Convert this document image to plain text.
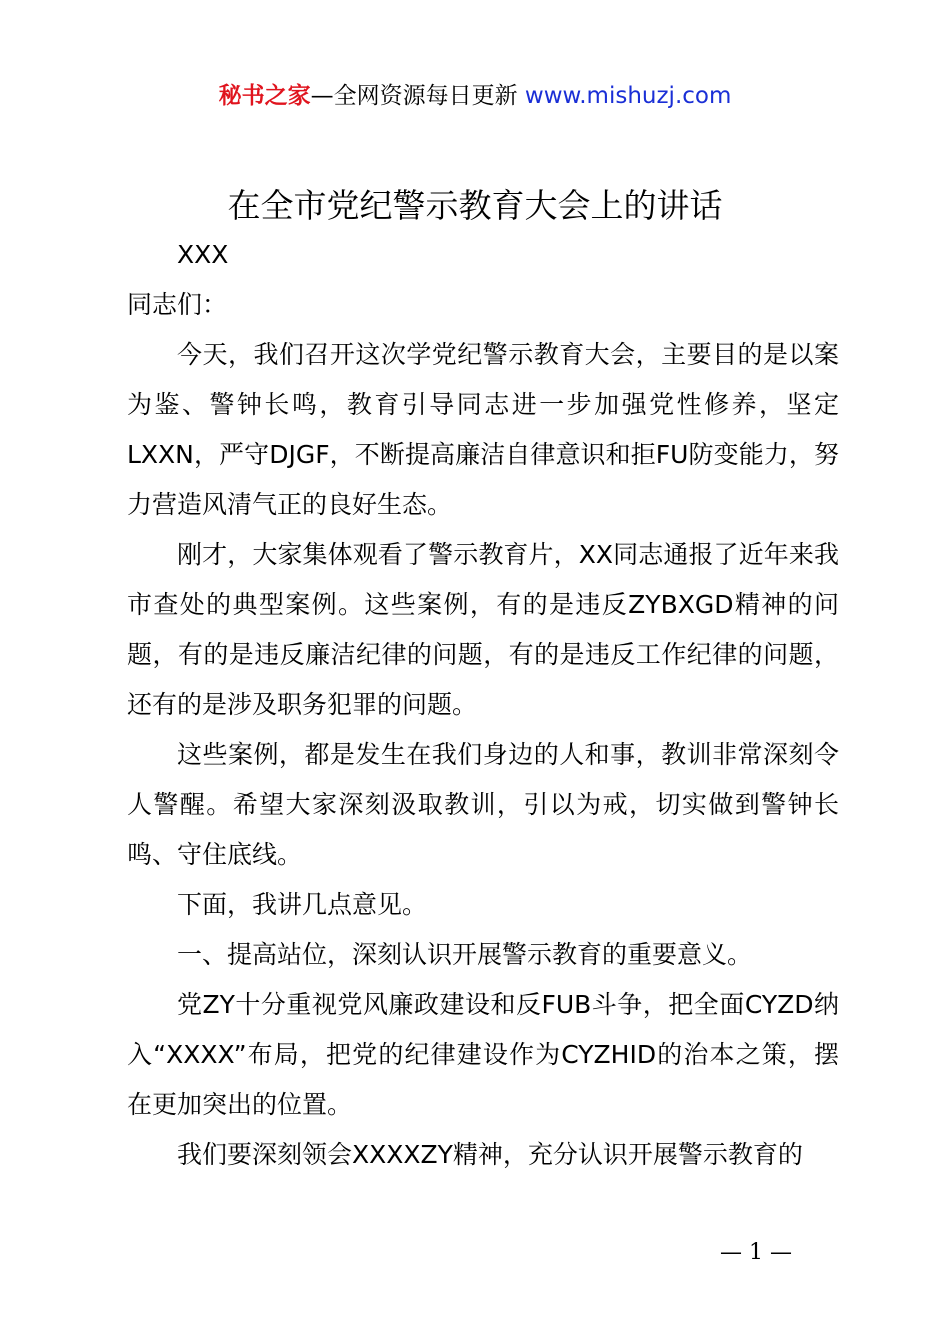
秘书之家—全网资源每日更新 www.mishuzj.com
在全市党纪警示教育大会上的讲话

XXX

同志们：

今天，我们召开这次学党纪警示教育大会，主要目的是以案为鉴、警钟长鸣，教育引导同志进一步加强党性修养，坚定LXXN，严守DJGF，不断提高廉洁自律意识和拒FU防变能力，努力营造风清气正的良好生态。

刚才，大家集体观看了警示教育片，XX同志通报了近年来我市查处的典型案例。这些案例，有的是违反ZYBXGD精神的问题，有的是违反廉洁纪律的问题，有的是违反工作纪律的问题，还有的是涉及职务犯罪的问题。

这些案例，都是发生在我们身边的人和事，教训非常深刻令人警醒。希望大家深刻汲取教训，引以为戒，切实做到警钟长鸣、守住底线。

下面，我讲几点意见。

一、提高站位，深刻认识开展警示教育的重要意义。

党ZY十分重视党风廉政建设和反FUB斗争，把全面CYZD纳入“XXXX”布局，把党的纪律建设作为CYZHID的治本之策，摆在更加突出的位置。

我们要深刻领会XXXXZY精神，充分认识开展警示教育的

— 1 —
